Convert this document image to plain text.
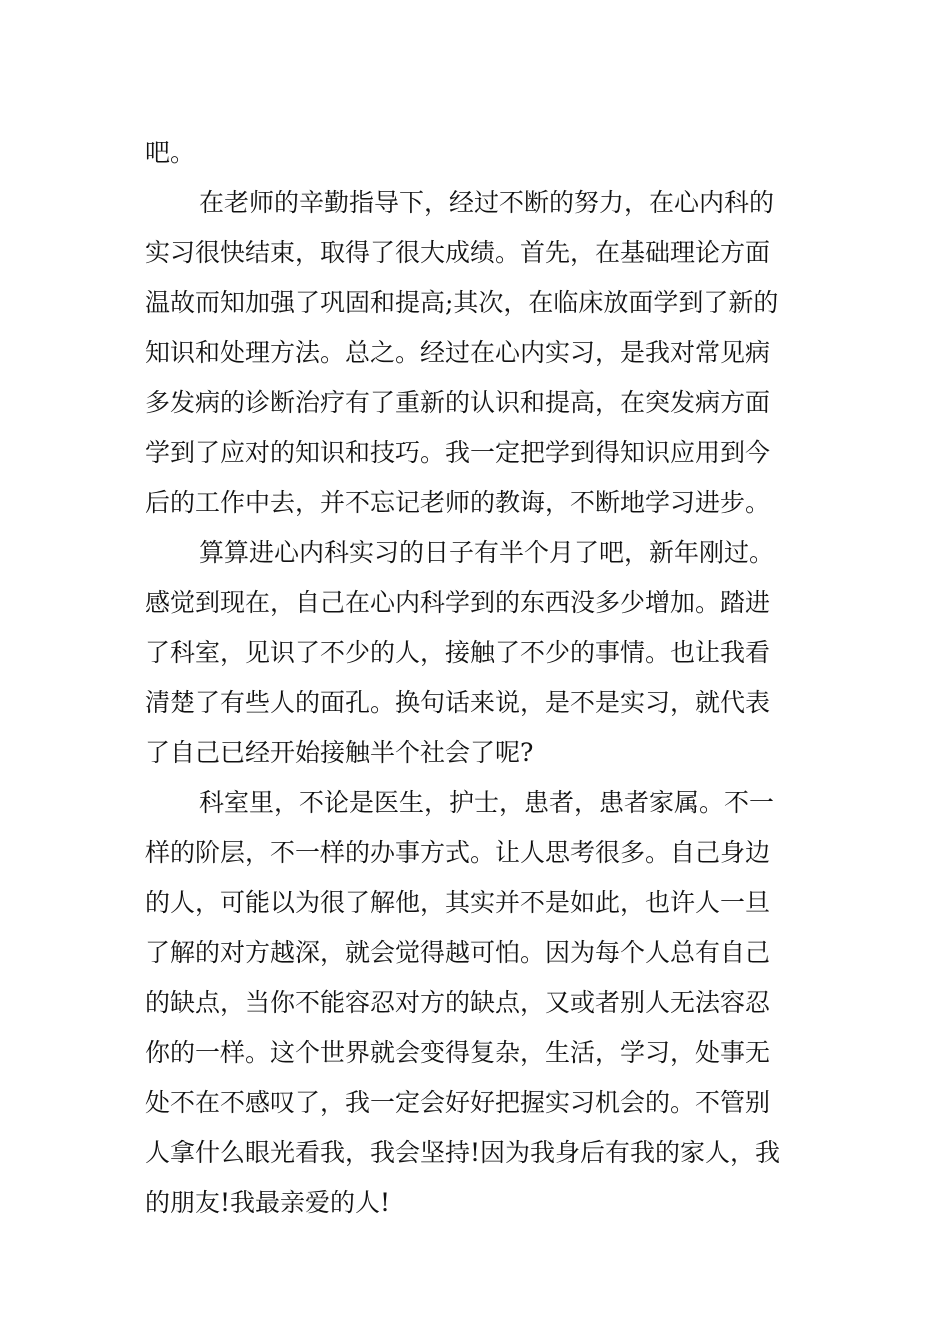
吧。
在老师的辛勤指导下，经过不断的努力，在心内科的
实习很快结束，取得了很大成绩。首先，在基础理论方面
温故而知加强了巩固和提高;其次，在临床放面学到了新的
知识和处理方法。总之。经过在心内实习，是我对常见病
多发病的诊断治疗有了重新的认识和提高，在突发病方面
学到了应对的知识和技巧。我一定把学到得知识应用到今
后的工作中去，并不忘记老师的教诲，不断地学习进步。
算算进心内科实习的日子有半个月了吧，新年刚过。
感觉到现在，自己在心内科学到的东西没多少增加。踏进
了科室，见识了不少的人，接触了不少的事情。也让我看
清楚了有些人的面孔。换句话来说，是不是实习，就代表
了自己已经开始接触半个社会了呢?
科室里，不论是医生，护士，患者，患者家属。不一
样的阶层，不一样的办事方式。让人思考很多。自己身边
的人，可能以为很了解他，其实并不是如此，也许人一旦
了解的对方越深，就会觉得越可怕。因为每个人总有自己
的缺点，当你不能容忍对方的缺点，又或者别人无法容忍
你的一样。这个世界就会变得复杂，生活，学习，处事无
处不在不感叹了，我一定会好好把握实习机会的。不管别
人拿什么眼光看我，我会坚持!因为我身后有我的家人，我
的朋友!我最亲爱的人!
